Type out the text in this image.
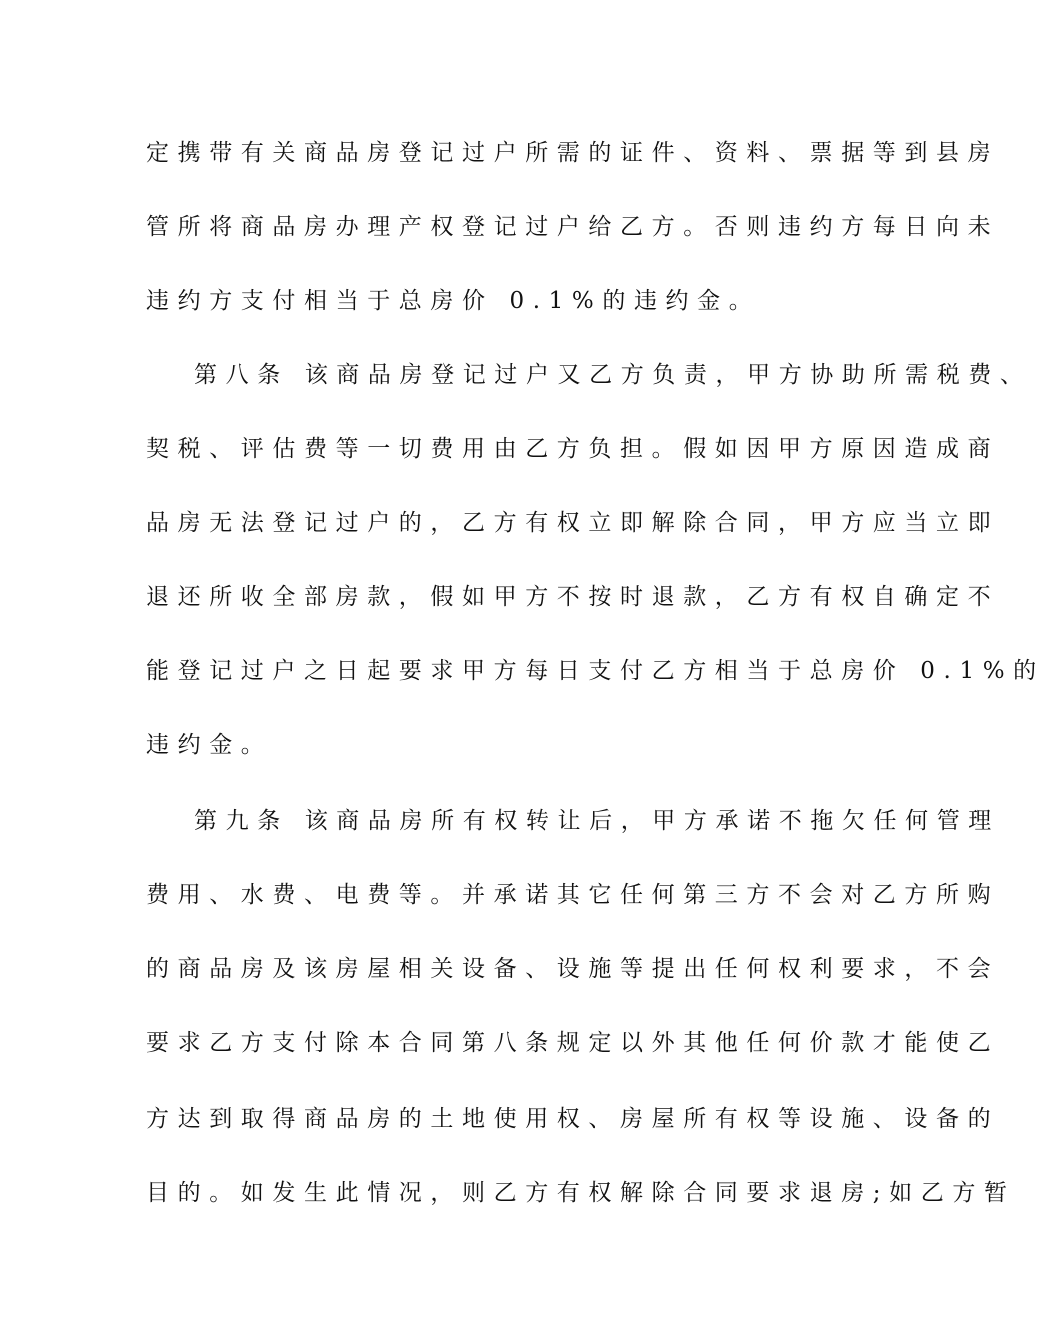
定携带有关商品房登记过户所需的证件、资料、票据等到县房
管所将商品房办理产权登记过户给乙方。否则违约方每日向未
违约方支付相当于总房价 0.1%的违约金。
第八条 该商品房登记过户又乙方负责，甲方协助所需税费、
契税、评估费等一切费用由乙方负担。假如因甲方原因造成商
品房无法登记过户的，乙方有权立即解除合同，甲方应当立即
退还所收全部房款，假如甲方不按时退款，乙方有权自确定不
能登记过户之日起要求甲方每日支付乙方相当于总房价 0.1%的
违约金。
第九条 该商品房所有权转让后，甲方承诺不拖欠任何管理
费用、水费、电费等。并承诺其它任何第三方不会对乙方所购
的商品房及该房屋相关设备、设施等提出任何权利要求，不会
要求乙方支付除本合同第八条规定以外其他任何价款才能使乙
方达到取得商品房的土地使用权、房屋所有权等设施、设备的
目的。如发生此情况，则乙方有权解除合同要求退房;如乙方暂
